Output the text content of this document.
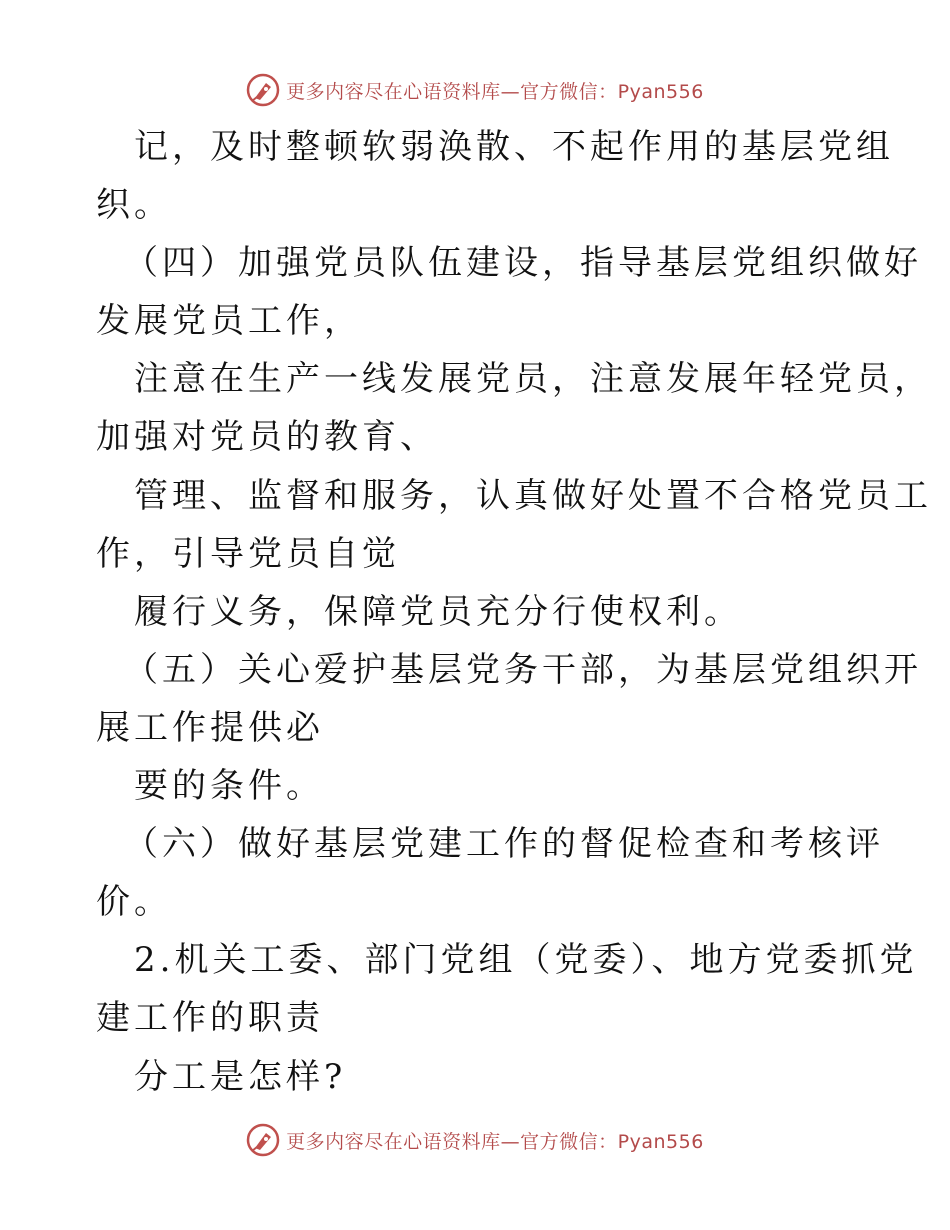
更多内容尽在心语资料库—官方微信：Pyan556
记，及时整顿软弱涣散、不起作用的基层党组
织。
（四）加强党员队伍建设，指导基层党组织做好
发展党员工作，
注意在生产一线发展党员，注意发展年轻党员，
加强对党员的教育、
管理、监督和服务，认真做好处置不合格党员工
作，引导党员自觉
履行义务，保障党员充分行使权利。
（五）关心爱护基层党务干部，为基层党组织开
展工作提供必
要的条件。
（六）做好基层党建工作的督促检查和考核评
价。
2.机关工委、部门党组（党委）、地方党委抓党
建工作的职责
分工是怎样?
更多内容尽在心语资料库—官方微信：Pyan556
